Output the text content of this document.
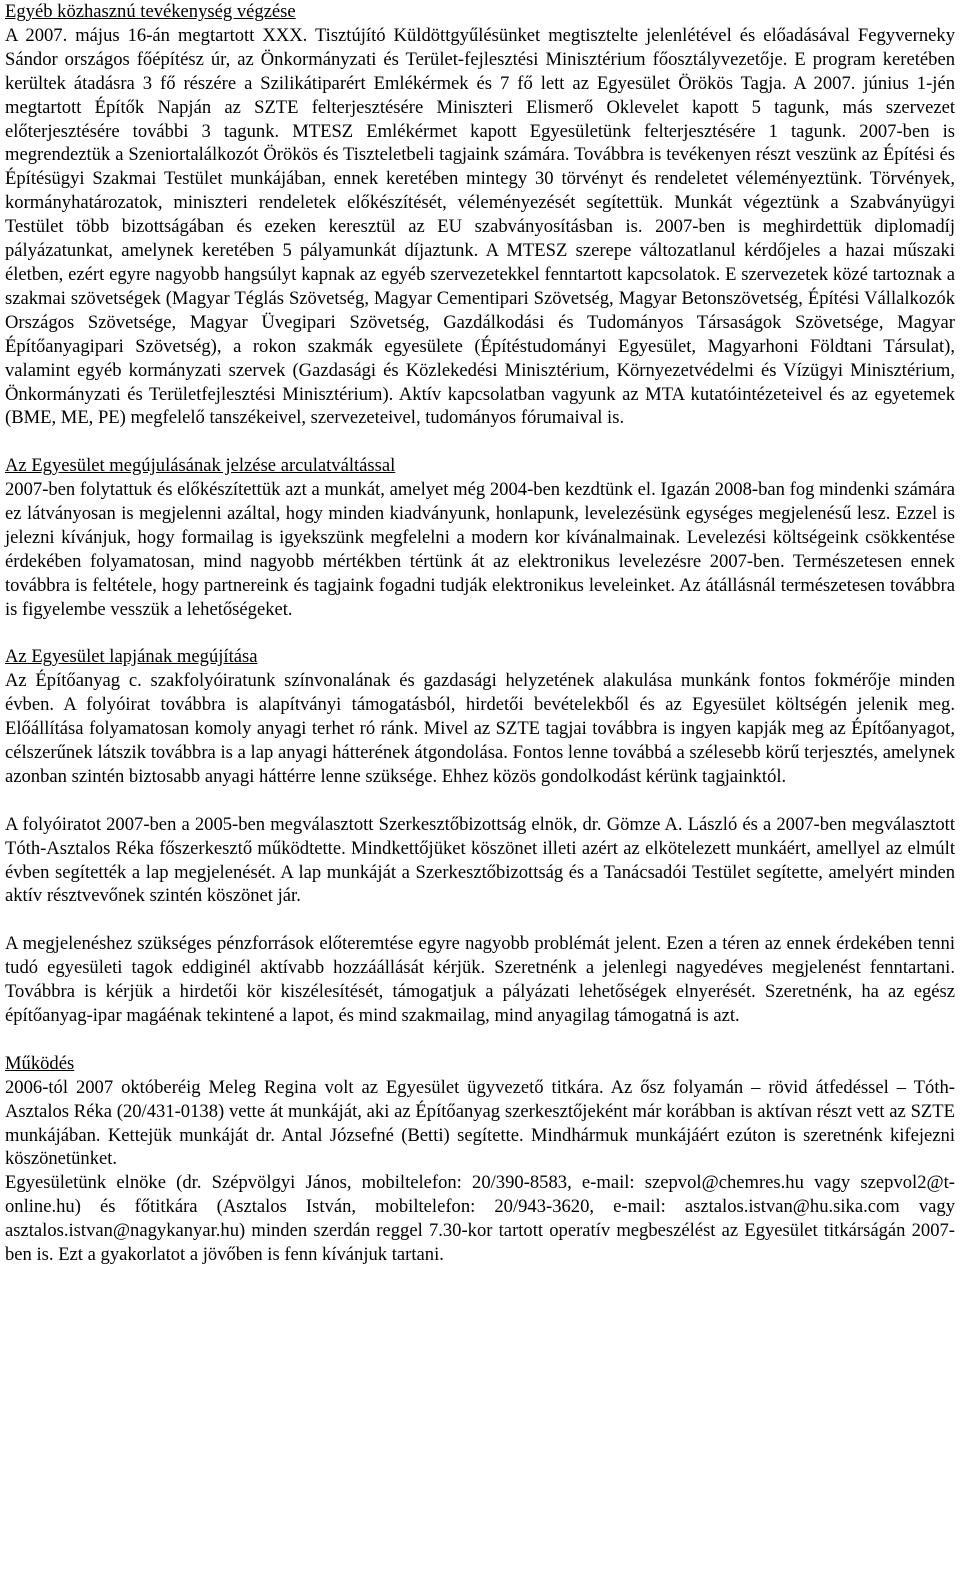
Egyéb közhasznú tevékenység végzése

A 2007. május 16-án megtartott XXX. Tisztújító Küldöttgyűlésünket megtisztelte jelenlétével és előadásával Fegyverneky Sándor országos főépítész úr, az Önkormányzati és Terület-fejlesztési Minisztérium főosztályvezetője. E program keretében kerültek átadásra 3 fő részére a Szilikátiparért Emlékérmek és 7 fő lett az Egyesület Örökös Tagja. A 2007. június 1-jén megtartott Építők Napján az SZTE felterjesztésére Miniszteri Elismerő Oklevelet kapott 5 tagunk, más szervezet előterjesztésére további 3 tagunk. MTESZ Emlékérmet kapott Egyesületünk felterjesztésére 1 tagunk. 2007-ben is megrendeztük a Szeniortalálkozót Örökös és Tiszteletbeli tagjaink számára. Továbbra is tevékenyen részt veszünk az Építési és Építésügyi Szakmai Testület munkájában, ennek keretében mintegy 30 törvényt és rendeletet véleményeztünk. Törvények, kormányhatározatok, miniszteri rendeletek előkészítését, véleményezését segítettük. Munkát végeztünk a Szabványügyi Testület több bizottságában és ezeken keresztül az EU szabványosításban is. 2007-ben is meghirdettük diplomadíj pályázatunkat, amelynek keretében 5 pályamunkát díjaztunk. A MTESZ szerepe változatlanul kérdőjeles a hazai műszaki életben, ezért egyre nagyobb hangsúlyt kapnak az egyéb szervezetekkel fenntartott kapcsolatok. E szervezetek közé tartoznak a szakmai szövetségek (Magyar Téglás Szövetség, Magyar Cementipari Szövetség, Magyar Betonszövetség, Építési Vállalkozók Országos Szövetsége, Magyar Üvegipari Szövetség, Gazdálkodási és Tudományos Társaságok Szövetsége, Magyar Építőanyagipari Szövetség), a rokon szakmák egyesülete (Építéstudományi Egyesület, Magyarhoni Földtani Társulat), valamint egyéb kormányzati szervek (Gazdasági és Közlekedési Minisztérium, Környezetvédelmi és Vízügyi Minisztérium, Önkormányzati és Területfejlesztési Minisztérium). Aktív kapcsolatban vagyunk az MTA kutatóintézeteivel és az egyetemek (BME, ME, PE) megfelelő tanszékeivel, szervezeteivel, tudományos fórumaival is.

Az Egyesület megújulásának jelzése arculatváltással

2007-ben folytattuk és előkészítettük azt a munkát, amelyet még 2004-ben kezdtünk el. Igazán 2008-ban fog mindenki számára ez látványosan is megjelenni azáltal, hogy minden kiadványunk, honlapunk, levelezésünk egységes megjelenésű lesz. Ezzel is jelezni kívánjuk, hogy formailag is igyekszünk megfelelni a modern kor kívánalmainak. Levelezési költségeink csökkentése érdekében folyamatosan, mind nagyobb mértékben tértünk át az elektronikus levelezésre 2007-ben. Természetesen ennek továbbra is feltétele, hogy partnereink és tagjaink fogadni tudják elektronikus leveleinket. Az átállásnál természetesen továbbra is figyelembe vesszük a lehetőségeket.

Az Egyesület lapjának megújítása

Az Építőanyag c. szakfolyóiratunk színvonalának és gazdasági helyzetének alakulása munkánk fontos fokmérője minden évben. A folyóirat továbbra is alapítványi támogatásból, hirdetői bevételekből és az Egyesület költségén jelenik meg. Előállítása folyamatosan komoly anyagi terhet ró ránk. Mivel az SZTE tagjai továbbra is ingyen kapják meg az Építőanyagot, célszerűnek látszik továbbra is a lap anyagi hátterének átgondolása. Fontos lenne továbbá a szélesebb körű terjesztés, amelynek azonban szintén biztosabb anyagi háttérre lenne szüksége. Ehhez közös gondolkodást kérünk tagjainktól.

A folyóiratot 2007-ben a 2005-ben megválasztott Szerkesztőbizottság elnök, dr. Gömze A. László és a 2007-ben megválasztott Tóth-Asztalos Réka főszerkesztő működtette. Mindkettőjüket köszönet illeti azért az elkötelezett munkáért, amellyel az elmúlt évben segítették a lap megjelenését. A lap munkáját a Szerkesztőbizottság és a Tanácsadói Testület segítette, amelyért minden aktív résztvevőnek szintén köszönet jár.

A megjelenéshez szükséges pénzforrások előteremtése egyre nagyobb problémát jelent. Ezen a téren az ennek érdekében tenni tudó egyesületi tagok eddiginél aktívabb hozzáállását kérjük. Szeretnénk a jelenlegi nagyedéves megjelenést fenntartani. Továbbra is kérjük a hirdetői kör kiszélesítését, támogatjuk a pályázati lehetőségek elnyerését. Szeretnénk, ha az egész építőanyag-ipar magáénak tekintené a lapot, és mind szakmailag, mind anyagilag támogatná is azt.

Működés

2006-tól 2007 októberéig Meleg Regina volt az Egyesület ügyvezető titkára. Az ősz folyamán – rövid átfedéssel – Tóth-Asztalos Réka (20/431-0138) vette át munkáját, aki az Építőanyag szerkesztőjeként már korábban is aktívan részt vett az SZTE munkájában. Kettejük munkáját dr. Antal Józsefné (Betti) segítette. Mindhármuk munkájáért ezúton is szeretnénk kifejezni köszönetünket.

Egyesületünk elnöke (dr. Szépvölgyi János, mobiltelefon: 20/390-8583, e-mail: szepvol@chemres.hu vagy szepvol2@t-online.hu) és főtitkára (Asztalos István, mobiltelefon: 20/943-3620, e-mail: asztalos.istvan@hu.sika.com vagy asztalos.istvan@nagykanyar.hu) minden szerdán reggel 7.30-kor tartott operatív megbeszélést az Egyesület titkárságán 2007-ben is. Ezt a gyakorlatot a jövőben is fenn kívánjuk tartani.
